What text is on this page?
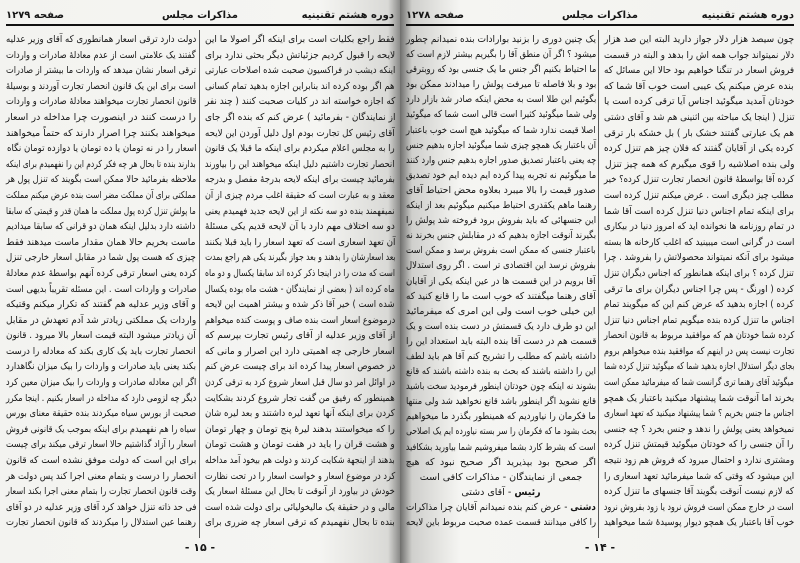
دوره هشتم تقنینیه
مذاکرات مجلس
صفحه ۱۲۷۹
فقط راجع بکلیات است برای اینکه اگر اصولا ما این
لایحه را قبول کردیم جزئیاتش دیگر بحثی ندارد برای
اینکه دیشب در فراکسیون صحبت شده اصلاحات عبارتی
هم اگر بوده کرده اند بنابراین اجازه بدهید تمام کسانی
که اجازه خواسته اند در کلیات صحبت کنند ( چند نفر
از نمایندگان - بفرمائید ) عرض کنم که بنده اگر جای
آقای رئیس کل تجارت بودم اول دلیل آوردن این لایحه
را به مجلس اعلام میکردم برای اینکه ما قبلا یک قانون
انحصار تجارت داشتیم دلیل اینکه میخواهند این را بیاورند
بفرمائید چیست برای اینکه لایحه بدرجهٔ مفصل و بدرجه
معقد و به عبارت است که حقیقة اغلب مردم چیزی از آن
نمیفهمند بنده دو سه نکته از این لایحه جدید فهمیدم یعنی
دو سه اختلاف مهم دارد با آن لایحه قدیم یکی مسئلهٔ
آن تعهد اسعاری است که تعهد اسعار را باید قبلا بکنند
بعد اسعارشان را بدهند و بعد جواز بگیرند یکی هم راجع بمدت
است که مدت را در اینجا ذکر کرده اند سابقا یکسال و دو ماه
ماه کرده اند ( بعضی از نمایندگان - هشت ماه بوده یکسال
شده است ) خیر آقا ذکر شده و بیشتر اهمیت این لایحه
درموضوع اسعار است بنده صاف و پوست کنده میخواهم
از آقای وزیر عدلیه از آقای رئیس تجارت بپرسم که
اسعار خارجی چه اهمیتی دارد این اصرار و مانی که
در خصوص اسعار پیدا کرده اند برای چیست عرض کنم
در اوائل امر دو سال قبل اسعار شروع کرد به ترقی کردن
همینطور که رفیق من گفت تجار شروع کردند بشکایت
کردن برای اینکه آنها تعهد لیره داشتند و بعد لیره شان
را که میخواستند بدهند لیرهٔ پنج تومان و چهار تومان
و هشت قران را باید در هفت تومان و هشت تومان
بدهند از اینجهة شکایت کردند و دولت هم بیخود آمد مداخله
کرد در موضوع اسعار و خواست اسعار را در تحت نظارت
خودش در بیاورد از آنوقت تا بحال این مسئلهٔ اسعار یک
مالی و در حقیقة یک مالیخولیائی برای دولت شده است
بنده تا بحال نفهمیدم که ترقی اسعار چه ضرری برای
دولت دارد ترقی اسعار همانطوری که آقای وزیر عدلیه
گفتند یک علامتی است از عدم معادلهٔ صادرات و واردات
ترقی اسعار نشان میدهد که واردات ما بیشتر از صادرات
است برای این یک قانون انحصار تجارت آوردند و بوسیلهٔ
قانون انحصار تجارت میخواهند معادلهٔ صادرات و واردات
را درست کنند در اینصورت چرا مداخله در اسعار
میخواهند بکنند چرا اصرار دارند که حتماً میخواهند
اسعار را در نه تومان یا ده تومان یا دوازده تومان نگاه
بدارند بنده تا بحال هر چه فکر کردم این را نفهمیدم برای اینکه
ملاحظه بفرمائید حالا ممکن است بگویند که تنزل پول هر
مملکتی برای آن مملکت مضر است بنده عرض میکنم مملکت
ما پولش تنزل کرده پول مملکت ما همان قدر و قیمتی که سابقا
داشته دارد بدلیل اینکه همان دو قرانی که سابقا میدادیم
ماست بخریم حالا همان مقدار ماست میدهند فقط
چیزی که هست پول شما در مقابل اسعار خارجی تنزل
کرده یعنی اسعار ترقی کرده آنهم بواسطهٔ عدم معادلهٔ
صادرات و واردات است . این مسئله تقریباً بدیهی است
و آقای وزیر عدلیه هم گفتند که تکرار میکنم وقتیکه
واردات یک مملکتی زیادتر شد آدم تعهدش در مقابل
آن زیادتر میشود البته قیمت اسعار بالا میرود . قانون
انحصار تجارت باید یک کاری بکند که معادله را درست
بکند یعنی باید صادرات و واردات را بیک میزان نگاهدارد
اگر این معادله صادرات و واردات را بیک میزان معین کرد
دیگر چه لزومی دارد که مداخله در اسعار بکنیم . اینجا مکرر
صحبت از بورس سیاه میکردند بنده حقیقة معنای بورس
سیاه را هم نفهمیدم برای اینکه بموجب یک قانونی فروش
اسعار را آزاد گذاشتیم حالا اسعار ترقی میکند برای چیست
برای این است که دولت موفق نشده است که قانون
انحصار را درست و بتمام معنی اجرا کند پس دولت هر
وقت قانون انحصار تجارت را بتمام معنی اجرا بکند اسعار
فی حد ذاته تنزل خواهد کرد آقای وزیر عدلیه در دو آقای
رهنما عین استدلال را میکردند که قانون انحصار تجارت
- ۱۵ -
دوره هشتم تقنینیه
مذاکرات مجلس
صفحه ۱۲۷۸
چون سیصد هزار دلار جواز دارید البته این صد هزار
دلار نمیتواند جواب همه اش را بدهد و البته در قسمت
فروش اسعار در تنگنا خواهیم بود حالا این مسائل که
بنده عرض میکنم یک عیبی است خوب آقا شما که
خودتان آمدید میگوئید اجناس آیا ترقی کرده است یا
تنزل ( اینجا یک مباحثه بین اثنینی هم شد و آقای دشتی
هم یک عبارتی گفتند خشک بار ) بل خشکه بار ترقی
کرده یکی از آقایان گفتند که فلان چیز هم تنزل کرده
ولی بنده اصلاشیه را قوی میگیرم که همه چیز تنزل
کرده آقا بواسطهٔ قانون انحصار تجارت تنزل کرده؟ خیر
مطلب چیز دیگری است . عرض میکنم تنزل کرده است
برای اینکه تمام اجناس دنیا تنزل کرده است آقا شما
در تمام روزنامه ها نخوانده اید که امروز دنیا در بیکاری
است در گرانی است میبینید که اغلب کارخانه ها بسته
میشود برای آنکه نمیتواند محصولاتش را بفروشد . چرا
تنزل کرده ؟ برای اینکه همانطور که اجناس دیگران تنزل
کرده ( اورنگ - پس چرا اجناس دیگران برای ما ترقی
کرده ) اجازه بدهید که عرض کنم این که میگویند تمام
اجناس ما تنزل کرده بنده میگویم تمام اجناس دنیا تنزل
کرده شما خودتان هم که موافقید مربوط به قانون انحصار
تجارت نیست پس در اینهم که موافقید بنده میخواهم بروم
بجای دیگر استدلال اجازه بدهید شما که میگوئید تنزل کرده شما
میگوئید آقای رهنما تری گرانست شما که میفرمائید ممکن است
بخرند اما آنوقت شما پیشنهاد میکنید باعتبار یک همچو
اجناس ما جنس بخریم ؟ شما پیشنهاد میکنید که تعهد اسعاری
نمیخواهد یعنی پولش را ندهد و جنس بخرد ؟ چه جنسی
را آن جنسی را که خودتان میگوئید قیمتش تنزل کرده
ومشتری ندارد و احتمال میرود که فروش هم زود نتیجه
این میشود که وقتی که شما میفرمائید تعهد اسعاری را
که لازم نیست آنوقت بگویند آقا جنسهای ما تنزل کرده
است در خارج ممکن است فروش نرود یا زود بفروش نرود
خوب آقا باعتبار یک همچو دیوار پوسیدهٔ شما میخواهید
یک چنین دوری را بزنید بوارادات بنده نمیدانم چطور
میشود ؟ اگر آن منطق آقا را بگیریم بیشتر لازم است که
ما احتیاط بکنیم اگر جنس ما یک جنسی بود که روبترقی
بود و بلا فاصله تا میرفت پولش را میدادند ممکن بود
بگوئیم این طلا است به محض اینکه صادر شد بازار دارد
ولی شما میگوئید کثیرا است قالی است شما که میگوئید
اصلا قیمت ندارد شما که میگوئید هیچ است خوب باعتبار
آن باعتبار یک همچو چیزی شما میگوئید اجازه بدهیم جنس
چه یعنی باعتبار تصدیق صدور اجازه بدهیم جنس وارد کنند
ما میگوئیم نه تجربه پیدا کرده ایم دیده ایم خود تصدیق
صدور قیمت را بالا میبرد بعلاوه محض احتیاط آقای
رهنما ماهم یکقدری احتیاط میکنیم میگوئیم بعد از اینکه
این جنسهائی که باید بفروش برود فروخته شد پولش را
بگیرند آنوقت اجازه بدهیم که در مقابلش جنس بخرند نه
باعتبار جنسی که ممکن است بفروش برسد و ممکن است
بفروش نرسد این اقتصادی تر است . اگر روی استدلال
آقا برویم در این قسمت ها در عین اینکه یکی از آقایان
آقای رهنما میگفتند که خوب است ما را قانع کنید که
این خیلی خوب است ولی این امری که میفرمائید
این دو طرف دارد یک قسمتش در دست بنده است و یک
قسمت هم در دست آقا بنده البته باید استعداد این را
داشته باشم که مطلب را تشریح کنم آقا هم باید لطف
این را داشته باشند که بحث به بنده داشته باشند که قانع
بشوند نه اینکه چون خودتان اینطور فرمودید سخت باشید
قانع نشوید اگر اینطور باشد قانع نخواهید شد ولی منتها
ما فکرمان را نیاوردیم که همینطور بگذرد ما میخواهیم
بحث بشود ما که فکرمان را سر بسته نیاورده ایم یک اصلاحی
است که بشرط کارد بشما میفروشیم شما بیاورید بشکافید
اگر صحیح بود بپذیرید اگر صحیح نبود که هیچ
جمعی از نمایندگان - مذاکرات کافی است
رئیس - آقای دشتی
دشتی - عرض کنم بنده نمیدانم آقایان چرا مذاکرات
را کافی میدانند قسمت عمده صحبت مربوط باین لایحه
- ۱۴ -
